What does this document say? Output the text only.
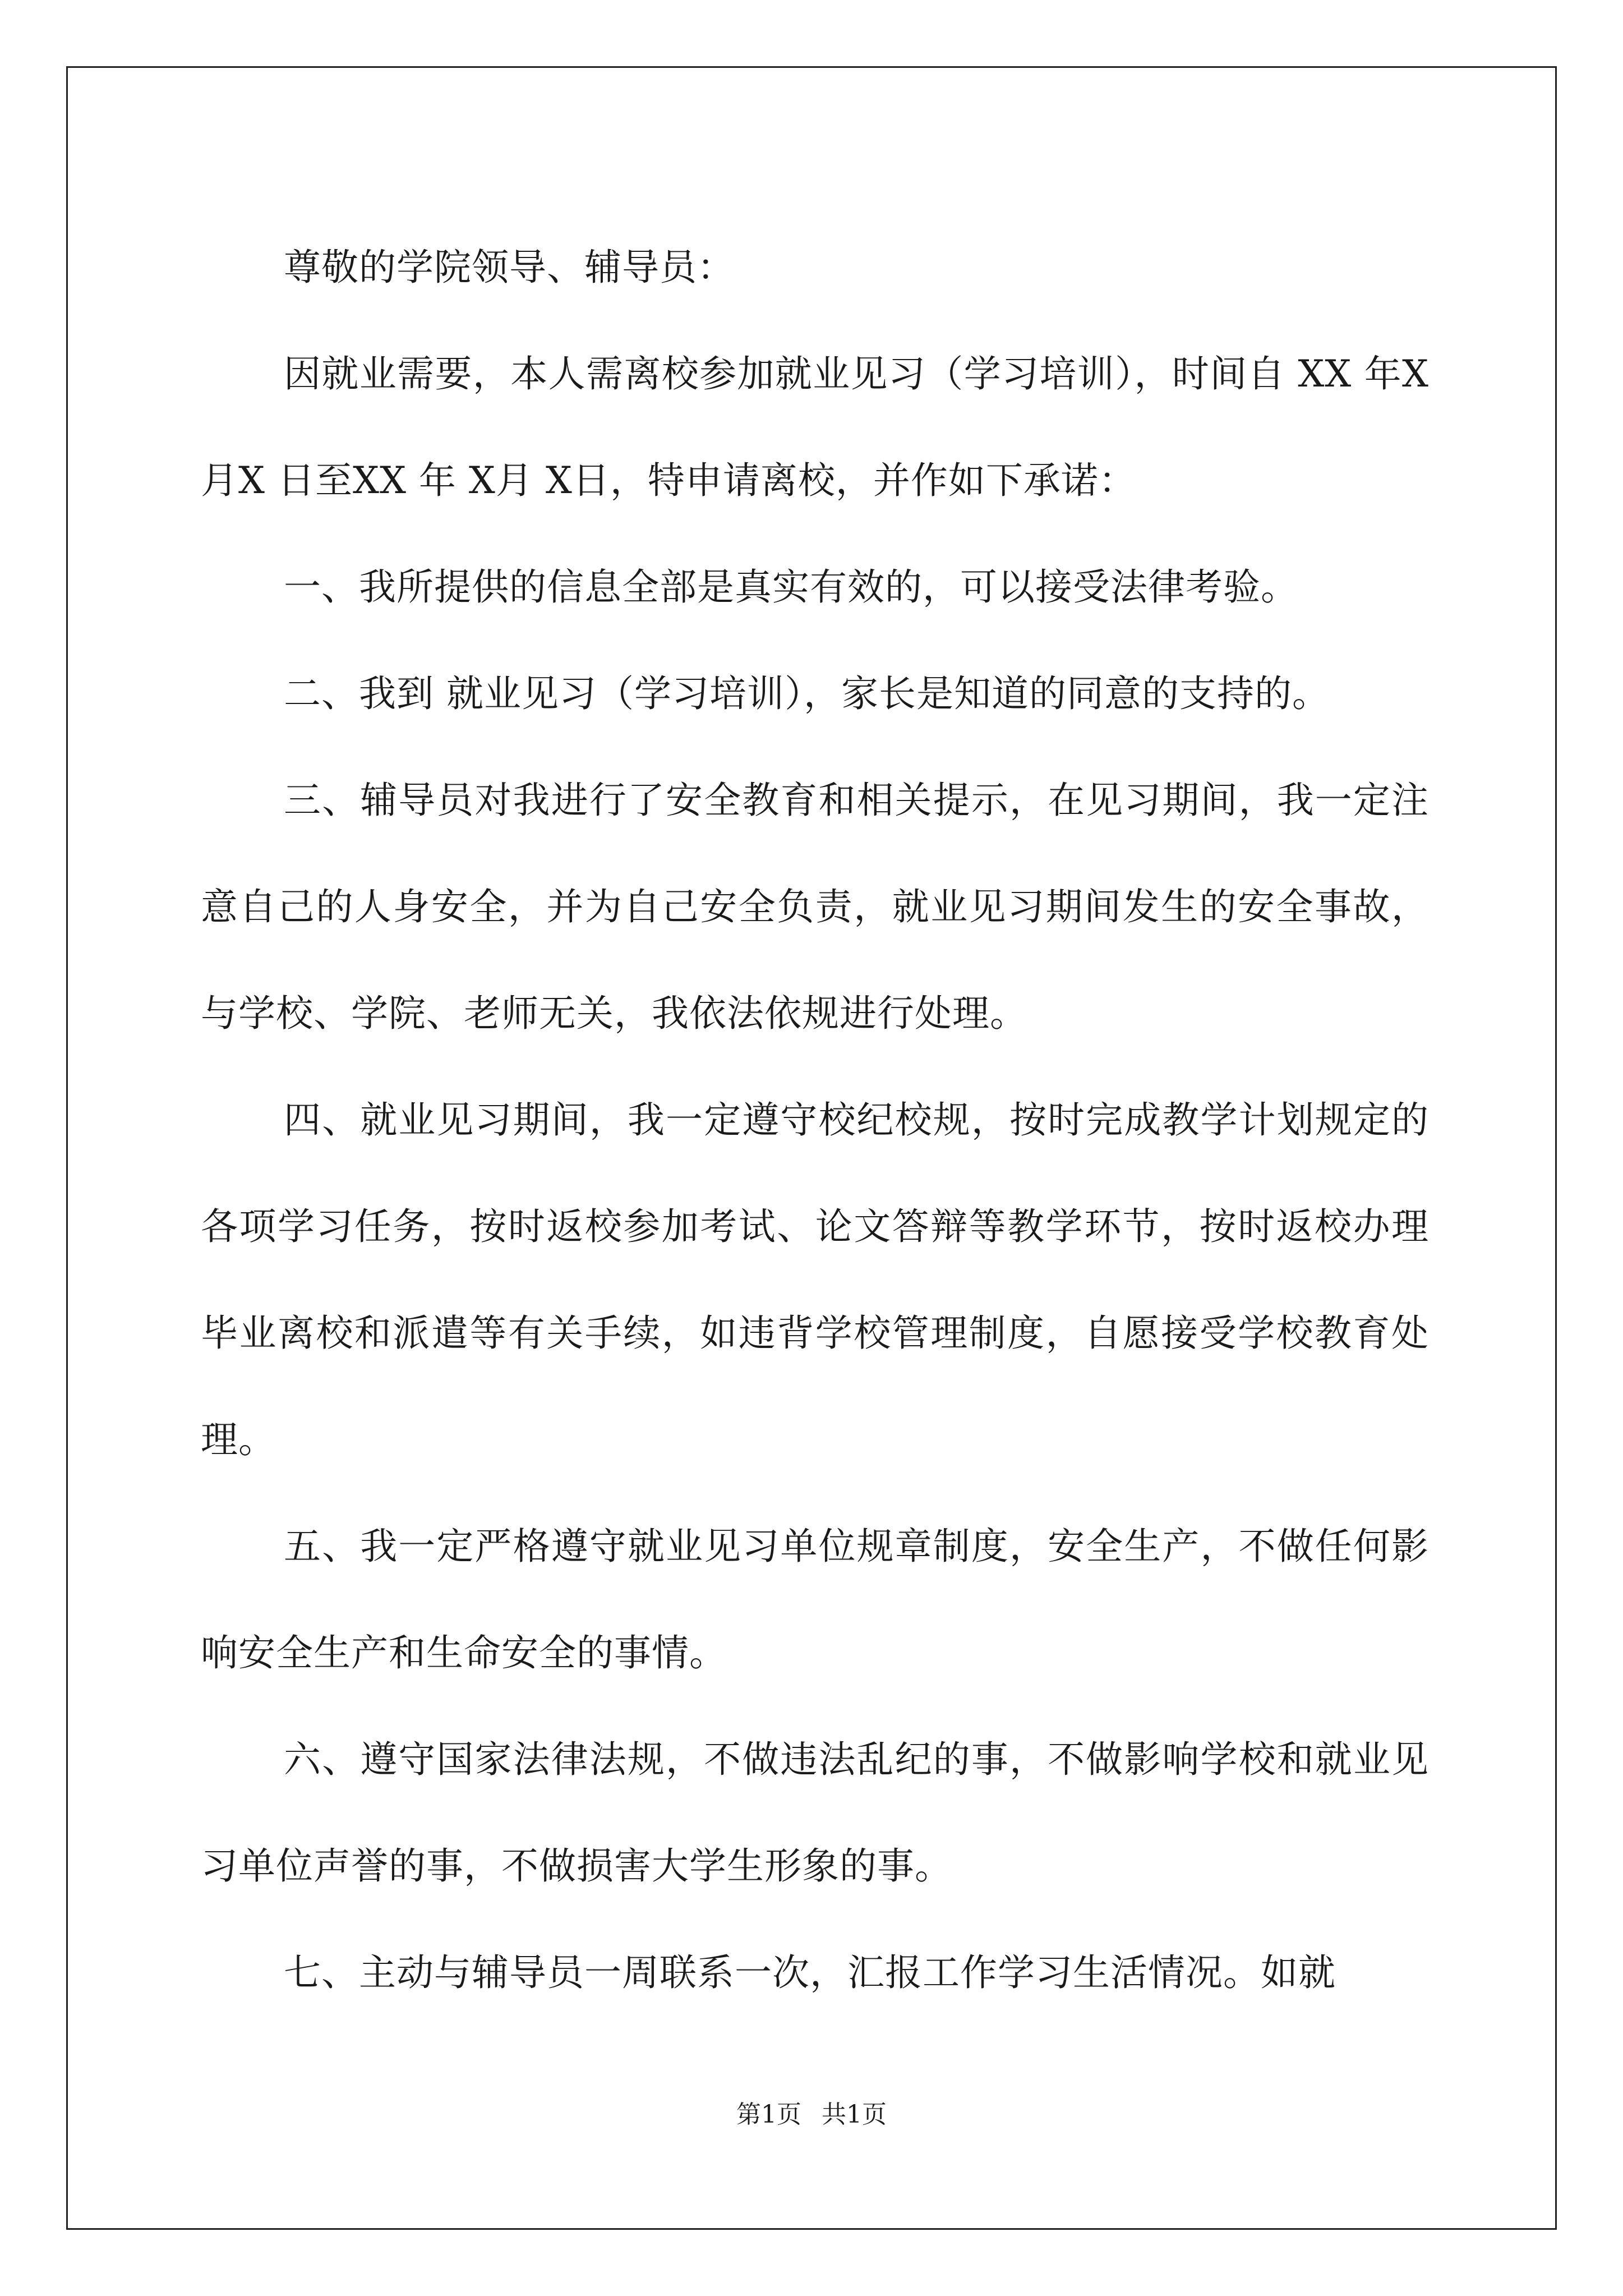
尊敬的学院领导、辅导员：

因就业需要，本人需离校参加就业见习（学习培训），时间自 XX 年X 月X 日至XX 年 X月 X日，特申请离校，并作如下承诺：

一、我所提供的信息全部是真实有效的，可以接受法律考验。

二、我到 就业见习（学习培训），家长是知道的同意的支持的。

三、辅导员对我进行了安全教育和相关提示，在见习期间，我一定注意自己的人身安全，并为自己安全负责，就业见习期间发生的安全事故，与学校、学院、老师无关，我依法依规进行处理。

四、就业见习期间，我一定遵守校纪校规，按时完成教学计划规定的各项学习任务，按时返校参加考试、论文答辩等教学环节，按时返校办理毕业离校和派遣等有关手续，如违背学校管理制度，自愿接受学校教育处理。

五、我一定严格遵守就业见习单位规章制度，安全生产，不做任何影响安全生产和生命安全的事情。

六、遵守国家法律法规，不做违法乱纪的事，不做影响学校和就业见习单位声誉的事，不做损害大学生形象的事。

七、主动与辅导员一周联系一次，汇报工作学习生活情况。如就

第1页 共1页
